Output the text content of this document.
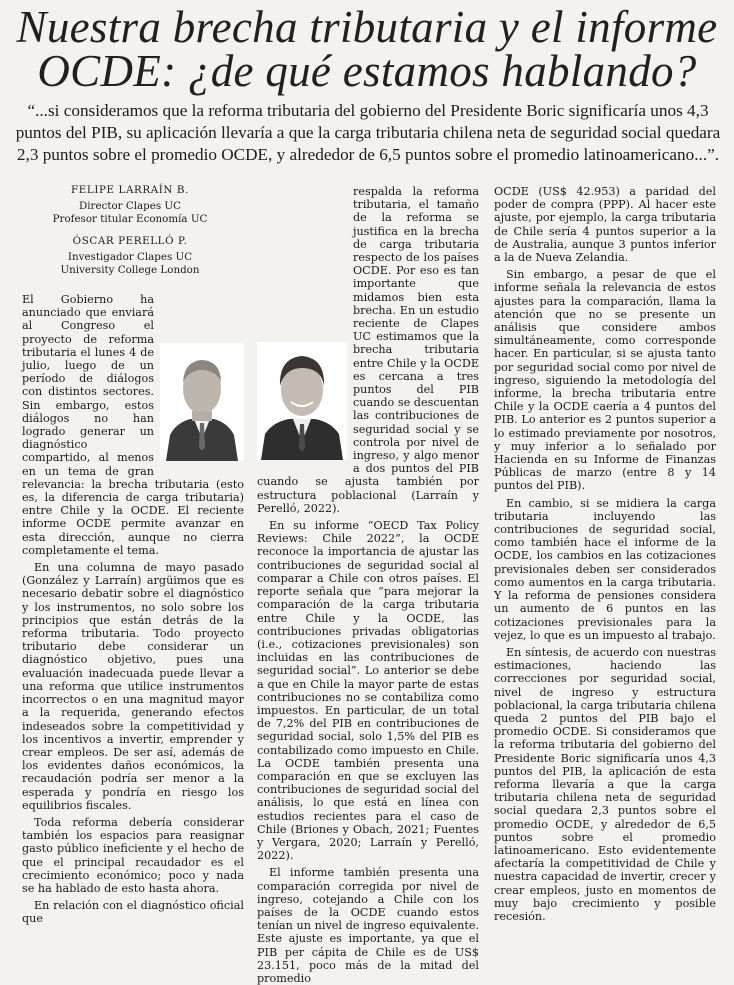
Nuestra brecha tributaria y el informe
OCDE: ¿de qué estamos hablando?
“...si consideramos que la reforma tributaria del gobierno del Presidente Boric significaría unos 4,3 puntos del PIB, su aplicación llevaría a que la carga tributaria chilena neta de seguridad social quedara 2,3 puntos sobre el promedio OCDE, y alrededor de 6,5 puntos sobre el promedio latinoamericano...”.
FELIPE LARRAÍN B.
Director Clapes UC
Profesor titular Economía UC
ÓSCAR PERELLÓ P.
Investigador Clapes UC
University College London

El Gobierno ha anunciado que enviará al Congreso el proyecto de reforma tributaria el lunes 4 de julio, luego de un período de diálogos con distintos sectores. Sin embargo, estos diálogos no han logrado generar un diagnóstico compartido, al menos en un tema de gran relevancia: la brecha tributaria (esto es, la diferencia de carga tributaria) entre Chile y la OCDE. El reciente informe OCDE permite avanzar en esta dirección, aunque no cierra completamente el tema.

En una columna de mayo pasado (González y Larraín) argüimos que es necesario debatir sobre el diagnóstico y los instrumentos, no solo sobre los principios que están detrás de la reforma tributaria. Todo proyecto tributario debe considerar un diagnóstico objetivo, pues una evaluación inadecuada puede llevar a una reforma que utilice instrumentos incorrectos o en una magnitud mayor a la requerida, generando efectos indeseados sobre la competitividad y los incentivos a invertir, emprender y crear empleos. De ser así, además de los evidentes daños económicos, la recaudación podría ser menor a la esperada y pondría en riesgo los equilibrios fiscales.

Toda reforma debería considerar también los espacios para reasignar gasto público ineficiente y el hecho de que el principal recaudador es el crecimiento económico; poco y nada se ha hablado de esto hasta ahora.

En relación con el diagnóstico oficial que

respalda la reforma tributaria, el tamaño de la reforma se justifica en la brecha de carga tributaria respecto de los países OCDE. Por eso es tan importante que midamos bien esta brecha. En un estudio reciente de Clapes UC estimamos que la brecha tributaria entre Chile y la OCDE es cercana a tres puntos del PIB cuando se descuentan las contribuciones de seguridad social y se controla por nivel de ingreso, y algo menor a dos puntos del PIB cuando se ajusta también por estructura poblacional (Larraín y Perelló, 2022).

En su informe “OECD Tax Policy Reviews: Chile 2022”, la OCDE reconoce la importancia de ajustar las contribuciones de seguridad social al comparar a Chile con otros países. El reporte señala que “para mejorar la comparación de la carga tributaria entre Chile y la OCDE, las contribuciones privadas obligatorias (i.e., cotizaciones previsionales) son incluidas en las contribuciones de seguridad social”. Lo anterior se debe a que en Chile la mayor parte de estas contribuciones no se contabiliza como impuestos. En particular, de un total de 7,2% del PIB en contribuciones de seguridad social, solo 1,5% del PIB es contabilizado como impuesto en Chile. La OCDE también presenta una comparación en que se excluyen las contribuciones de seguridad social del análisis, lo que está en línea con estudios recientes para el caso de Chile (Briones y Obach, 2021; Fuentes y Vergara, 2020; Larraín y Perelló, 2022).

El informe también presenta una comparación corregida por nivel de ingreso, cotejando a Chile con los países de la OCDE cuando estos tenían un nivel de ingreso equivalente. Este ajuste es importante, ya que el PIB per cápita de Chile es de US$ 23.151, poco más de la mitad del promedio

OCDE (US$ 42.953) a paridad del poder de compra (PPP). Al hacer este ajuste, por ejemplo, la carga tributaria de Chile sería 4 puntos superior a la de Australia, aunque 3 puntos inferior a la de Nueva Zelandia.

Sin embargo, a pesar de que el informe señala la relevancia de estos ajustes para la comparación, llama la atención que no se presente un análisis que considere ambos simultáneamente, como corresponde hacer. En particular, si se ajusta tanto por seguridad social como por nivel de ingreso, siguiendo la metodología del informe, la brecha tributaria entre Chile y la OCDE caería a 4 puntos del PIB. Lo anterior es 2 puntos superior a lo estimado previamente por nosotros, y muy inferior a lo señalado por Hacienda en su Informe de Finanzas Públicas de marzo (entre 8 y 14 puntos del PIB).

En cambio, si se midiera la carga tributaria incluyendo las contribuciones de seguridad social, como también hace el informe de la OCDE, los cambios en las cotizaciones previsionales deben ser considerados como aumentos en la carga tributaria. Y la reforma de pensiones considera un aumento de 6 puntos en las cotizaciones previsionales para la vejez, lo que es un impuesto al trabajo.

En síntesis, de acuerdo con nuestras estimaciones, haciendo las correcciones por seguridad social, nivel de ingreso y estructura poblacional, la carga tributaria chilena queda 2 puntos del PIB bajo el promedio OCDE. Si consideramos que la reforma tributaria del gobierno del Presidente Boric significaría unos 4,3 puntos del PIB, la aplicación de esta reforma llevaría a que la carga tributaria chilena neta de seguridad social quedara 2,3 puntos sobre el promedio OCDE, y alrededor de 6,5 puntos sobre el promedio latinoamericano. Esto evidentemente afectaría la competitividad de Chile y nuestra capacidad de invertir, crecer y crear empleos, justo en momentos de muy bajo crecimiento y posible recesión.
